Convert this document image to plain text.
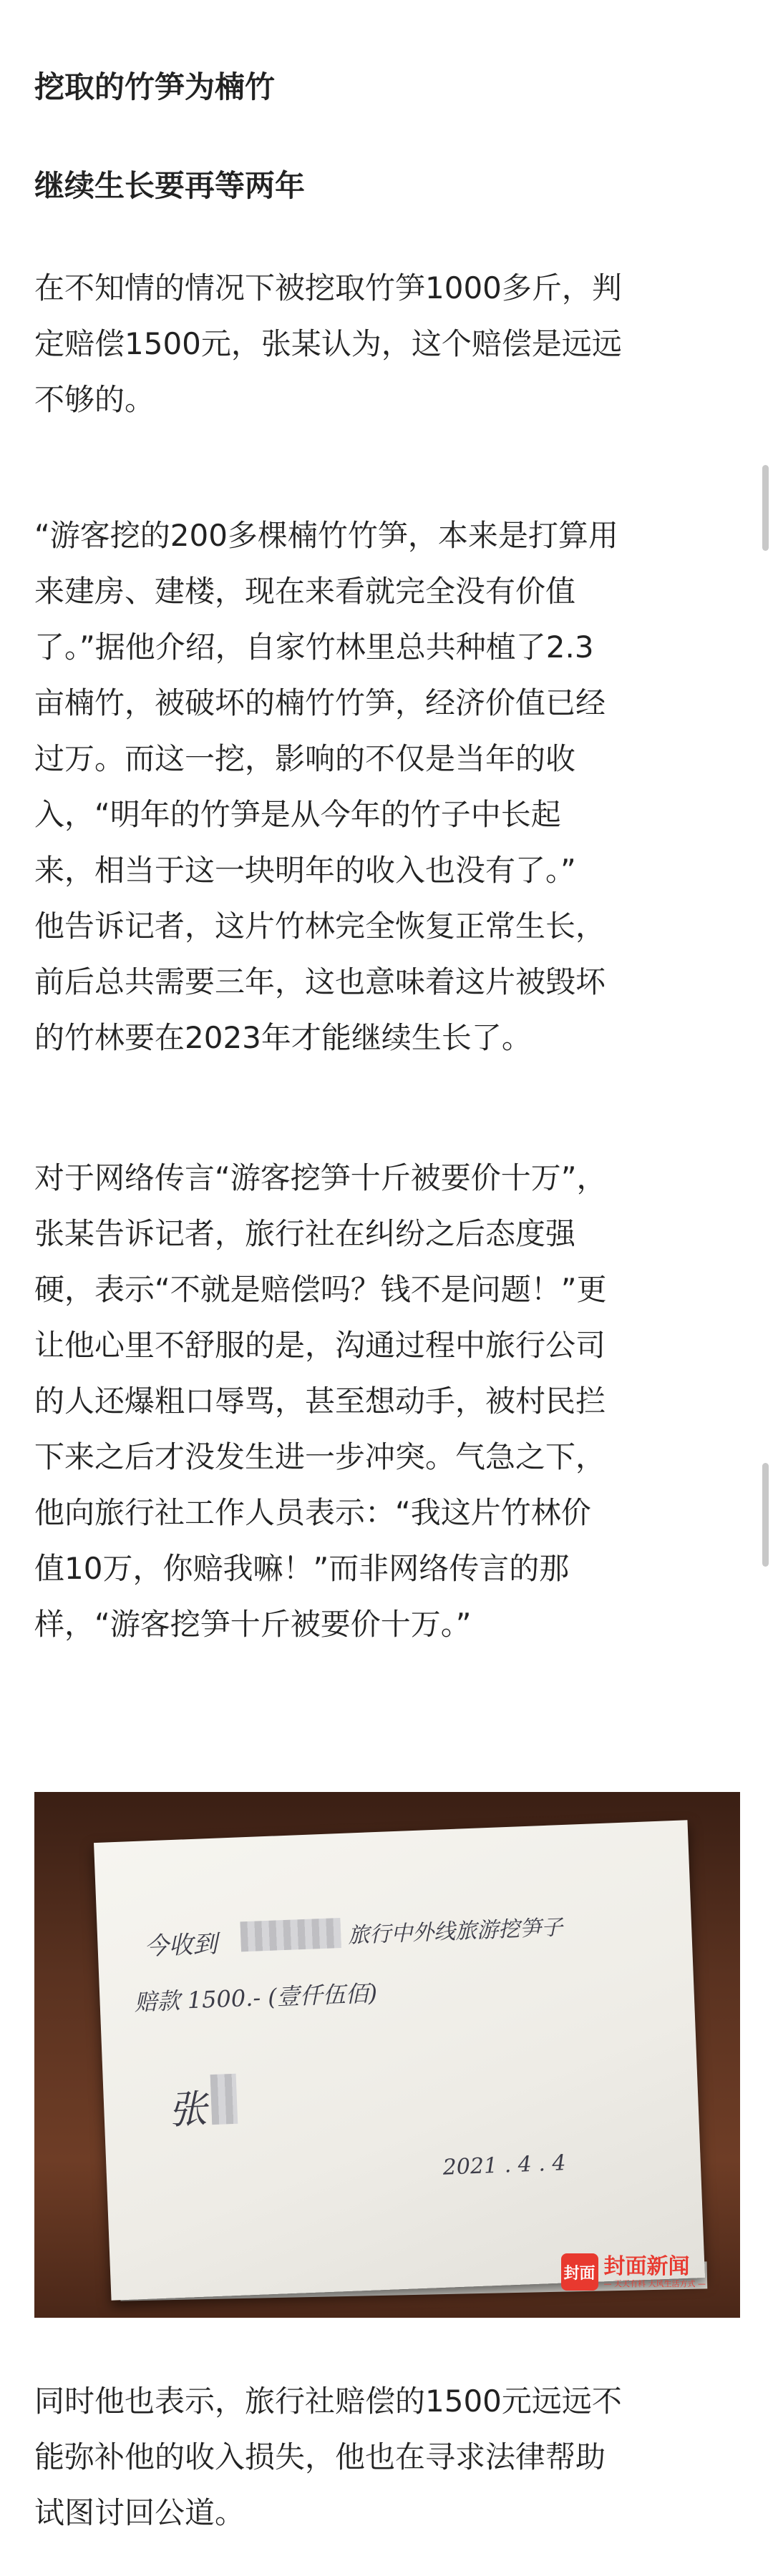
挖取的竹笋为楠竹
继续生长要再等两年
在不知情的情况下被挖取竹笋1000多斤，判
定赔偿1500元，张某认为，这个赔偿是远远
不够的。
“游客挖的200多棵楠竹竹笋，本来是打算用
来建房、建楼，现在来看就完全没有价值
了。”据他介绍，自家竹林里总共种植了2.3
亩楠竹，被破坏的楠竹竹笋，经济价值已经
过万。而这一挖，影响的不仅是当年的收
入，“明年的竹笋是从今年的竹子中长起
来，相当于这一块明年的收入也没有了。”
他告诉记者，这片竹林完全恢复正常生长，
前后总共需要三年，这也意味着这片被毁坏
的竹林要在2023年才能继续生长了。
对于网络传言“游客挖笋十斤被要价十万”，
张某告诉记者，旅行社在纠纷之后态度强
硬，表示“不就是赔偿吗？钱不是问题！”更
让他心里不舒服的是，沟通过程中旅行公司
的人还爆粗口辱骂，甚至想动手，被村民拦
下来之后才没发生进一步冲突。气急之下，
他向旅行社工作人员表示：“我这片竹林价
值10万，你赔我嘛！”而非网络传言的那
样，“游客挖笋十斤被要价十万。”
同时他也表示，旅行社赔偿的1500元远远不
能弥补他的收入损失，他也在寻求法律帮助
试图讨回公道。
今收到	旅行中外线旅游挖笋子
赔款 1500.- (壹仟伍佰)
张
2021 . 4 . 4
封面 封面新闻
— 天天有料 大风生活方式 —
